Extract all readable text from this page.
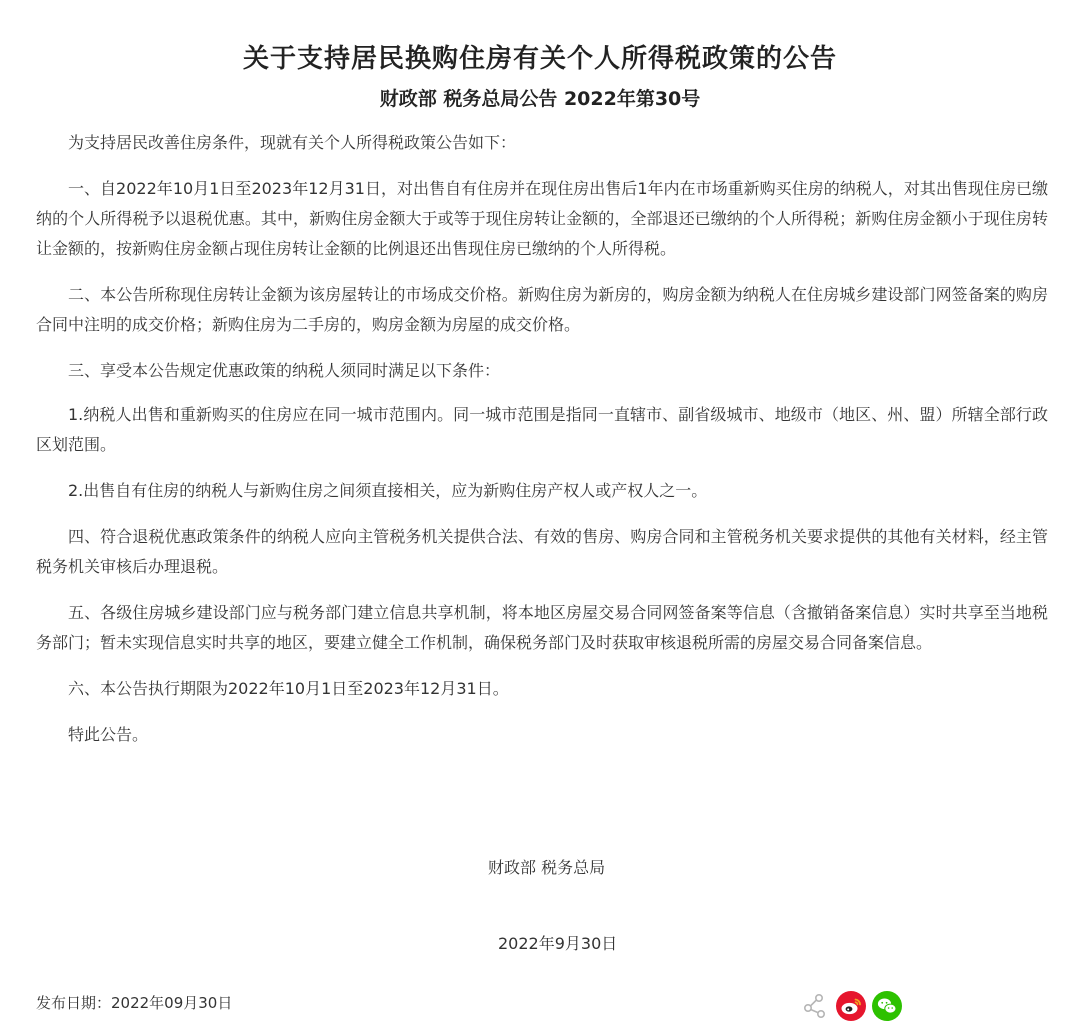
关于支持居民换购住房有关个人所得税政策的公告
财政部 税务总局公告 2022年第30号

为支持居民改善住房条件，现就有关个人所得税政策公告如下：

一、自2022年10月1日至2023年12月31日，对出售自有住房并在现住房出售后1年内在市场重新购买住房的纳税人，对其出售现住房已缴纳的个人所得税予以退税优惠。其中，新购住房金额大于或等于现住房转让金额的，全部退还已缴纳的个人所得税；新购住房金额小于现住房转让金额的，按新购住房金额占现住房转让金额的比例退还出售现住房已缴纳的个人所得税。

二、本公告所称现住房转让金额为该房屋转让的市场成交价格。新购住房为新房的，购房金额为纳税人在住房城乡建设部门网签备案的购房合同中注明的成交价格；新购住房为二手房的，购房金额为房屋的成交价格。

三、享受本公告规定优惠政策的纳税人须同时满足以下条件：

1.纳税人出售和重新购买的住房应在同一城市范围内。同一城市范围是指同一直辖市、副省级城市、地级市（地区、州、盟）所辖全部行政区划范围。

2.出售自有住房的纳税人与新购住房之间须直接相关，应为新购住房产权人或产权人之一。

四、符合退税优惠政策条件的纳税人应向主管税务机关提供合法、有效的售房、购房合同和主管税务机关要求提供的其他有关材料，经主管税务机关审核后办理退税。

五、各级住房城乡建设部门应与税务部门建立信息共享机制，将本地区房屋交易合同网签备案等信息（含撤销备案信息）实时共享至当地税务部门；暂未实现信息实时共享的地区，要建立健全工作机制，确保税务部门及时获取审核退税所需的房屋交易合同备案信息。

六、本公告执行期限为2022年10月1日至2023年12月31日。

特此公告。

财政部 税务总局
2022年9月30日
发布日期：2022年09月30日
